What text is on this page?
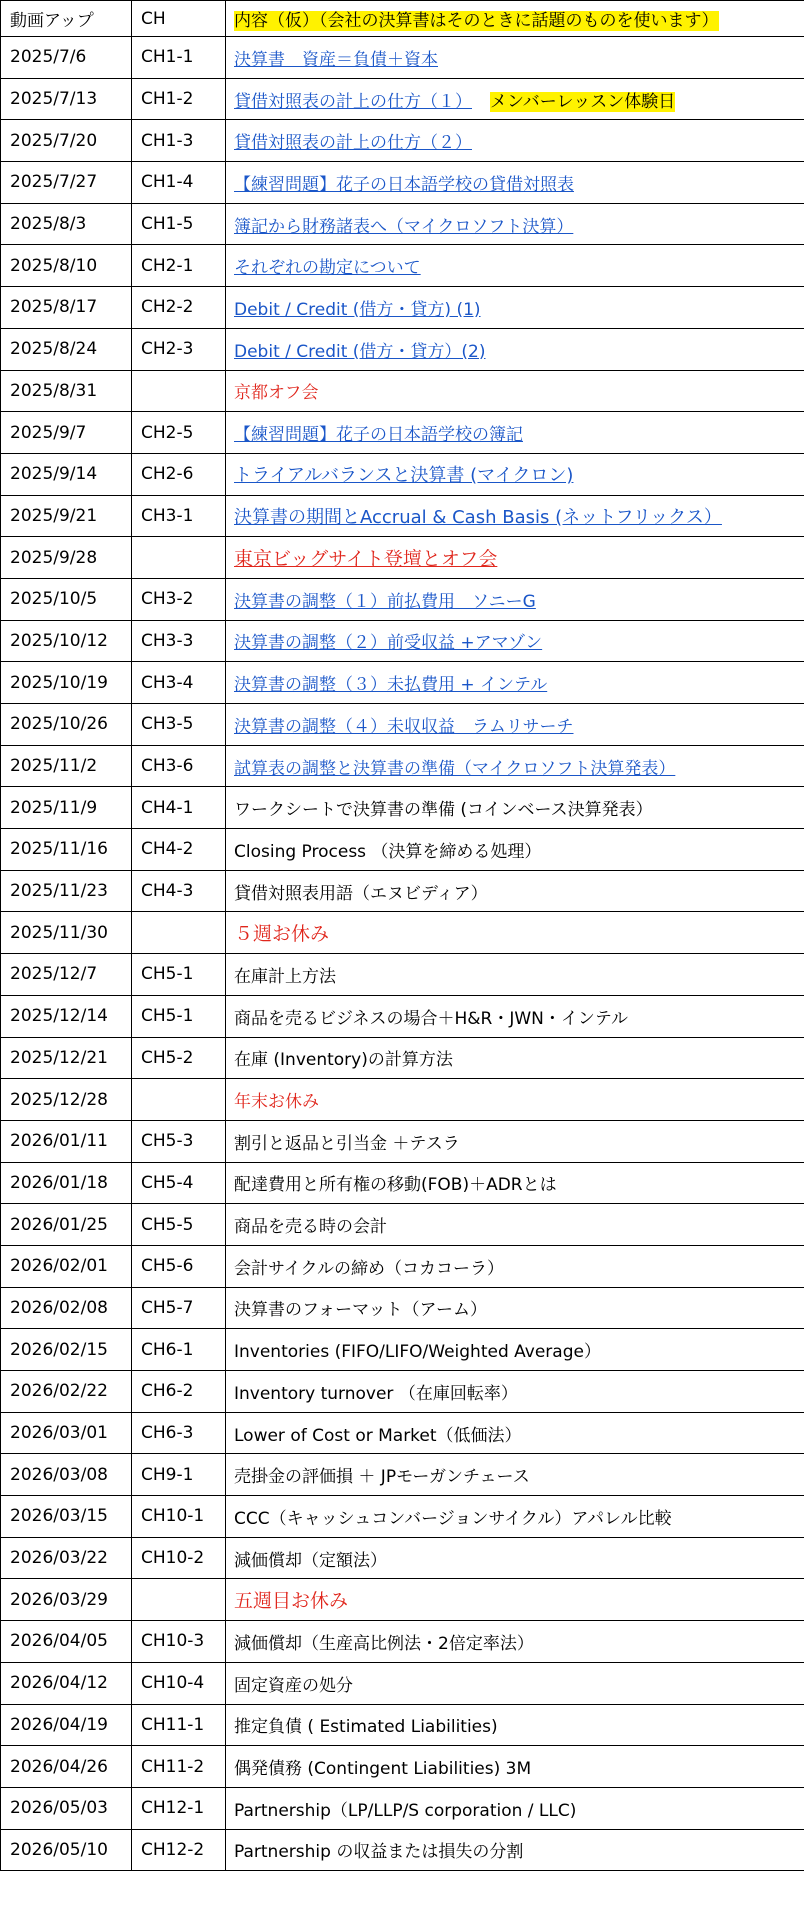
動画アップ	CH	内容（仮）（会社の決算書はそのときに話題のものを使います）
2025/7/6	CH1-1	決算書　資産＝負債＋資本
2025/7/13	CH1-2	貸借対照表の計上の仕方（１） メンバーレッスン体験日
2025/7/20	CH1-3	貸借対照表の計上の仕方（２）
2025/7/27	CH1-4	【練習問題】花子の日本語学校の貸借対照表
2025/8/3	CH1-5	簿記から財務諸表へ（マイクロソフト決算）
2025/8/10	CH2-1	それぞれの勘定について
2025/8/17	CH2-2	Debit / Credit (借方・貸方) (1)
2025/8/24	CH2-3	Debit / Credit (借方・貸方）(2)
2025/8/31		京都オフ会
2025/9/7	CH2-5	【練習問題】花子の日本語学校の簿記
2025/9/14	CH2-6	トライアルバランスと決算書 (マイクロン)
2025/9/21	CH3-1	決算書の期間とAccrual & Cash Basis (ネットフリックス）
2025/9/28		東京ビッグサイト登壇とオフ会
2025/10/5	CH3-2	決算書の調整（１）前払費用　ソニーG
2025/10/12	CH3-3	決算書の調整（２）前受収益 +アマゾン
2025/10/19	CH3-4	決算書の調整（３）未払費用 + インテル
2025/10/26	CH3-5	決算書の調整（４）未収収益　ラムリサーチ
2025/11/2	CH3-6	試算表の調整と決算書の準備（マイクロソフト決算発表）
2025/11/9	CH4-1	ワークシートで決算書の準備 (コインベース決算発表）
2025/11/16	CH4-2	Closing Process （決算を締める処理）
2025/11/23	CH4-3	貸借対照表用語（エヌビディア）
2025/11/30		５週お休み
2025/12/7	CH5-1	在庫計上方法
2025/12/14	CH5-1	商品を売るビジネスの場合＋H&R・JWN・インテル
2025/12/21	CH5-2	在庫 (Inventory)の計算方法
2025/12/28		年末お休み
2026/01/11	CH5-3	割引と返品と引当金 ＋テスラ
2026/01/18	CH5-4	配達費用と所有権の移動(FOB)＋ADRとは
2026/01/25	CH5-5	商品を売る時の会計
2026/02/01	CH5-6	会計サイクルの締め（コカコーラ）
2026/02/08	CH5-7	決算書のフォーマット（アーム）
2026/02/15	CH6-1	Inventories (FIFO/LIFO/Weighted Average）
2026/02/22	CH6-2	Inventory turnover （在庫回転率）
2026/03/01	CH6-3	Lower of Cost or Market（低価法）
2026/03/08	CH9-1	売掛金の評価損 ＋ JPモーガンチェース
2026/03/15	CH10-1	CCC（キャッシュコンバージョンサイクル）アパレル比較
2026/03/22	CH10-2	減価償却（定額法）
2026/03/29		五週目お休み
2026/04/05	CH10-3	減価償却（生産高比例法・2倍定率法）
2026/04/12	CH10-4	固定資産の処分
2026/04/19	CH11-1	推定負債 ( Estimated Liabilities)
2026/04/26	CH11-2	偶発債務 (Contingent Liabilities) 3M
2026/05/03	CH12-1	Partnership（LP/LLP/S corporation / LLC)
2026/05/10	CH12-2	Partnership の収益または損失の分割
